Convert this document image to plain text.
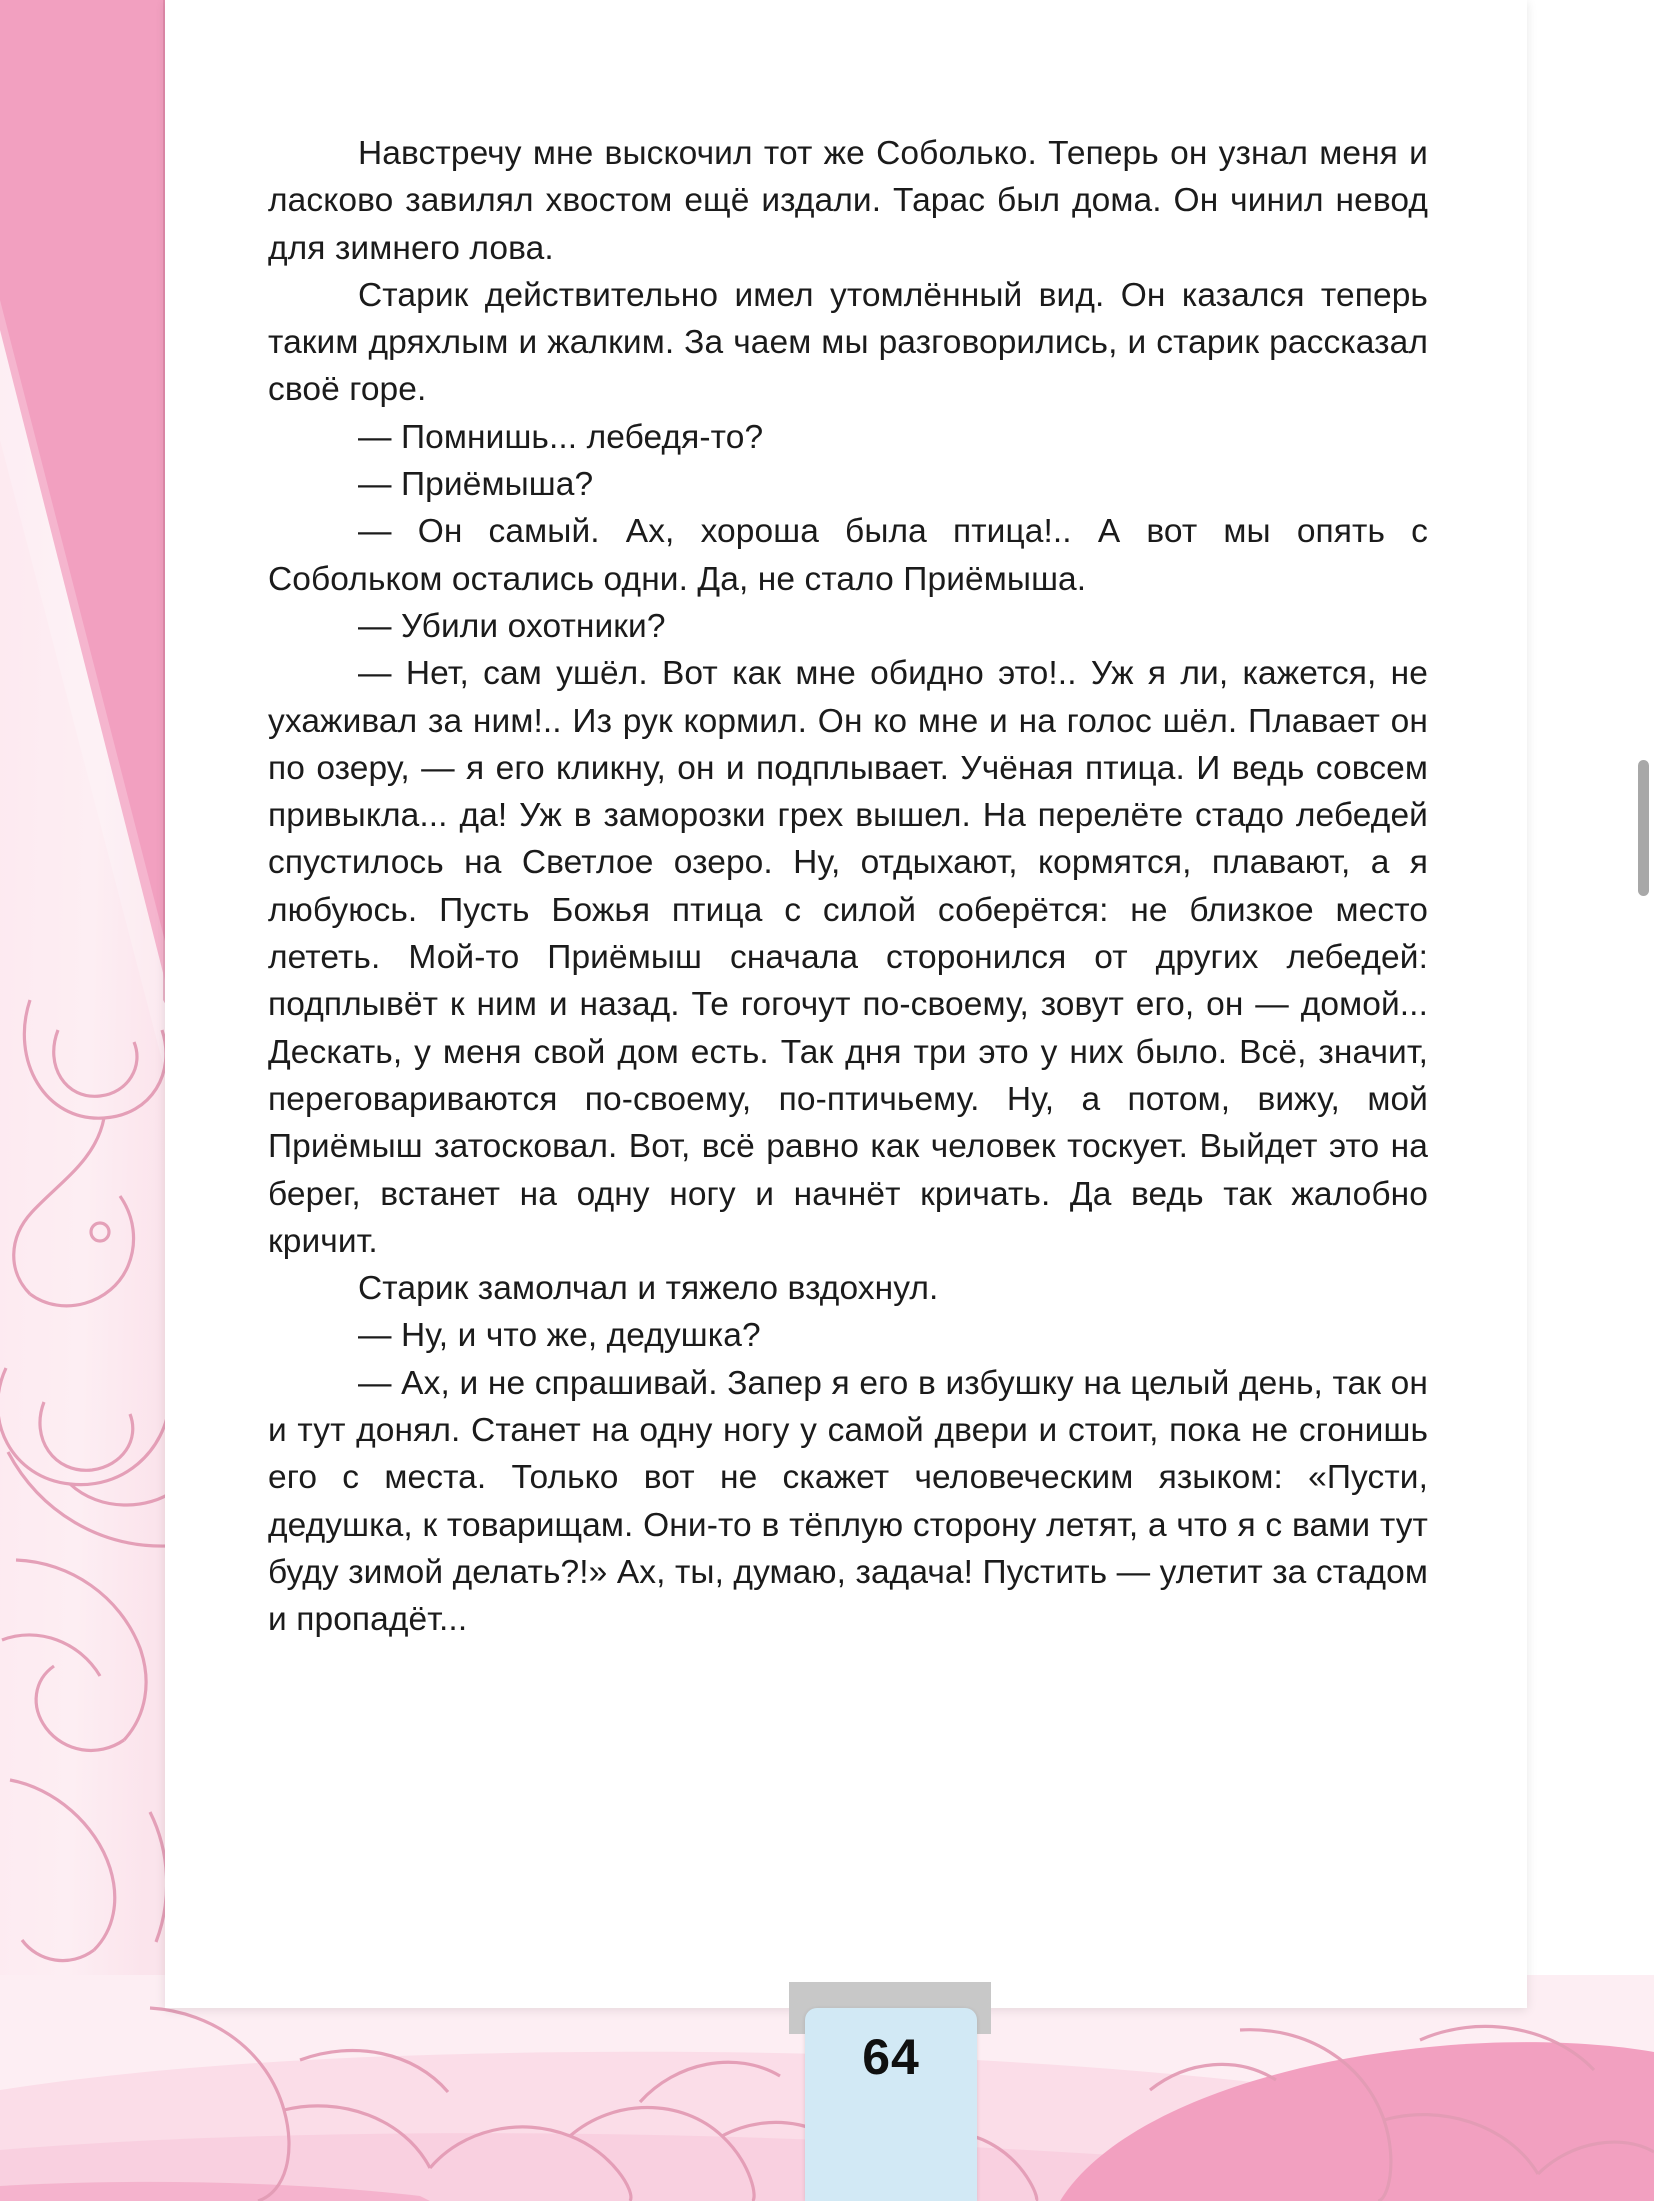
Навстречу мне выскочил тот же Соболько. Теперь он узнал меня и ласково завилял хвостом ещё издали. Тарас был дома. Он чинил невод для зимнего лова.

Старик действительно имел утомлённый вид. Он казался теперь таким дряхлым и жалким. За чаем мы разговорились, и старик рассказал своё горе.

— Помнишь... лебедя-то?

— Приёмыша?

— Он самый. Ах, хороша была птица!.. А вот мы опять с Собольком остались одни. Да, не стало Приёмыша.

— Убили охотники?

— Нет, сам ушёл. Вот как мне обидно это!.. Уж я ли, кажется, не ухаживал за ним!.. Из рук кормил. Он ко мне и на голос шёл. Плавает он по озеру, — я его кликну, он и подплывает. Учёная птица. И ведь совсем привыкла... да! Уж в заморозки грех вышел. На перелёте стадо лебедей спустилось на Светлое озеро. Ну, отдыхают, кормятся, плавают, а я любуюсь. Пусть Божья птица с силой соберётся: не близкое место лететь. Мой-то Приёмыш сначала сторонился от других лебедей: подплывёт к ним и назад. Те гогочут по-своему, зовут его, он — домой... Дескать, у меня свой дом есть. Так дня три это у них было. Всё, значит, переговариваются по-своему, по-птичьему. Ну, а потом, вижу, мой Приёмыш затосковал. Вот, всё равно как человек тоскует. Выйдет это на берег, встанет на одну ногу и начнёт кричать. Да ведь так жалобно кричит.

Старик замолчал и тяжело вздохнул.

— Ну, и что же, дедушка?

— Ах, и не спрашивай. Запер я его в избушку на целый день, так он и тут донял. Станет на одну ногу у самой двери и стоит, пока не сгонишь его с места. Только вот не скажет человеческим языком: «Пусти, дедушка, к товарищам. Они-то в тёплую сторону летят, а что я с вами тут буду зимой делать?!» Ах, ты, думаю, задача! Пустить — улетит за стадом и пропадёт...

64
